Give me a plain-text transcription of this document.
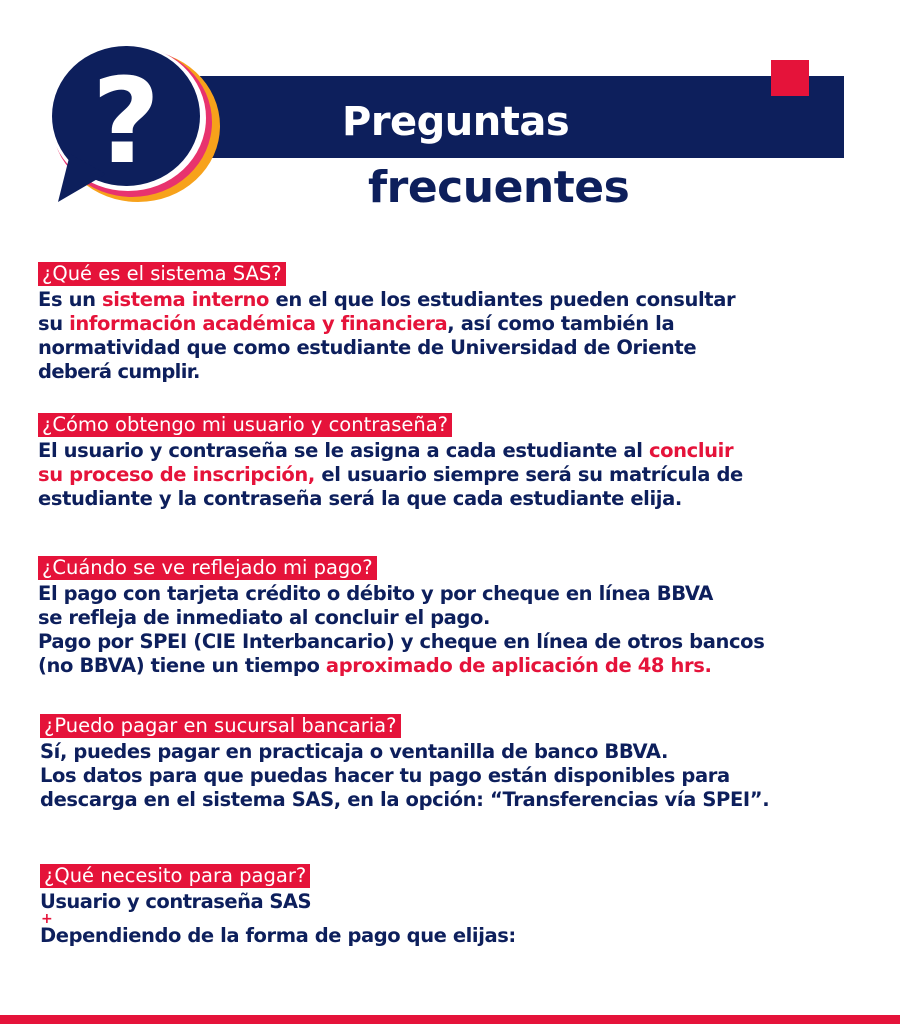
?	Preguntas
frecuentes
¿Qué es el sistema SAS?
Es un sistema interno en el que los estudiantes pueden consultar
su información académica y financiera, así como también la
normatividad que como estudiante de Universidad de Oriente
deberá cumplir.
¿Cómo obtengo mi usuario y contraseña?
El usuario y contraseña se le asigna a cada estudiante al concluir
su proceso de inscripción, el usuario siempre será su matrícula de
estudiante y la contraseña será la que cada estudiante elija.
¿Cuándo se ve reflejado mi pago?
El pago con tarjeta crédito o débito y por cheque en línea BBVA
se refleja de inmediato al concluir el pago.
Pago por SPEI (CIE Interbancario) y cheque en línea de otros bancos
(no BBVA) tiene un tiempo aproximado de aplicación de 48 hrs.
¿Puedo pagar en sucursal bancaria?
Sí, puedes pagar en practicaja o ventanilla de banco BBVA.
Los datos para que puedas hacer tu pago están disponibles para
descarga en el sistema SAS, en la opción: “Transferencias vía SPEI”.
¿Qué necesito para pagar?
Usuario y contraseña SAS
+
Dependiendo de la forma de pago que elijas:
